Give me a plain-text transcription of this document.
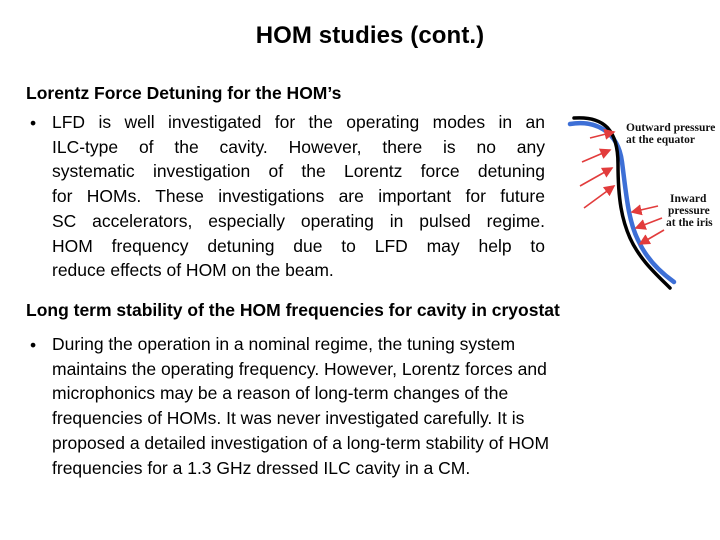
HOM studies (cont.)
Lorentz Force Detuning for the HOM’s
• LFD is well investigated for the operating modes in an
ILC-type of the cavity. However, there is no any
systematic investigation of the Lorentz force detuning
for HOMs. These investigations are important for future
SC accelerators, especially operating in pulsed regime.
HOM frequency detuning due to LFD may help to
reduce effects of HOM on the beam.
Outward pressure
at the equator
Inward
pressure
at the iris
Long term stability of the HOM frequencies for cavity in cryostat
• During the operation in a nominal regime, the tuning system
maintains the operating frequency. However, Lorentz forces and
microphonics may be a reason of long-term changes of the
frequencies of HOMs. It was never investigated carefully. It is
proposed a detailed investigation of a long-term stability of HOM
frequencies for a 1.3 GHz dressed ILC cavity in a CM.
